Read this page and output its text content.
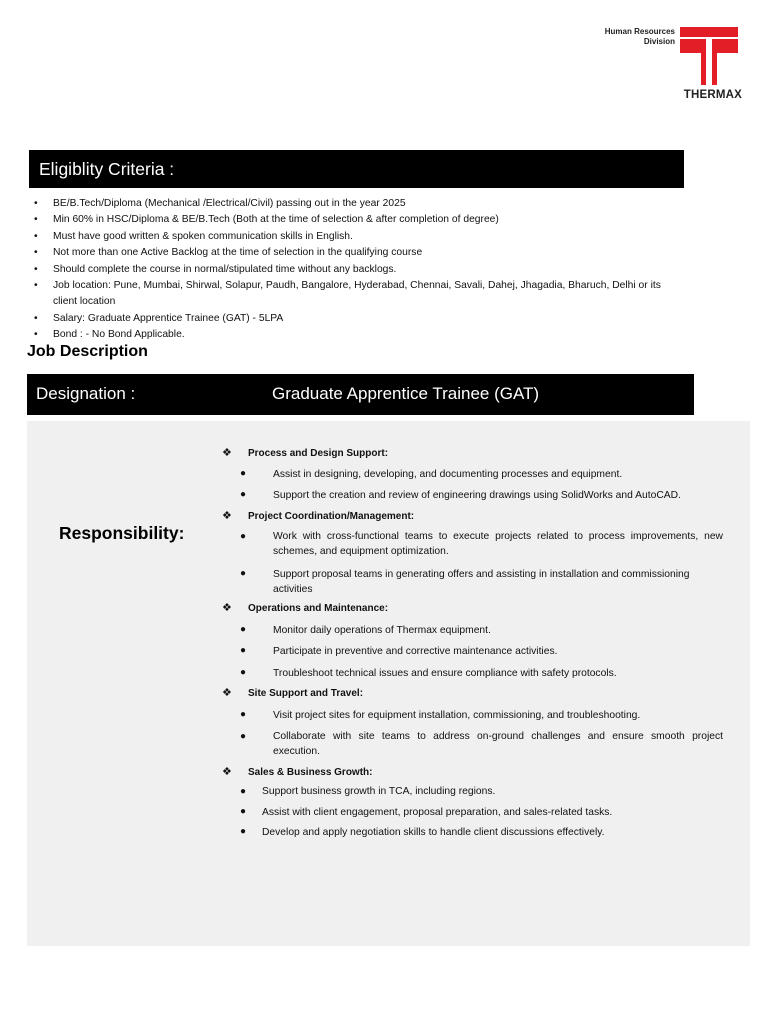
Human Resources
Division
THERMAX
Eligiblity Criteria :
• BE/B.Tech/Diploma (Mechanical /Electrical/Civil) passing out in the year 2025
• Min 60% in HSC/Diploma & BE/B.Tech (Both at the time of selection & after completion of degree)
• Must have good written & spoken communication skills in English.
• Not more than one Active Backlog at the time of selection in the qualifying course
• Should complete the course in normal/stipulated time without any backlogs.
• Job location: Pune, Mumbai, Shirwal, Solapur, Paudh, Bangalore, Hyderabad, Chennai, Savali, Dahej, Jhagadia, Bharuch, Delhi or its client location
• Salary: Graduate Apprentice Trainee (GAT) - 5LPA
• Bond : - No Bond Applicable.
Job Description
Designation :	Graduate Apprentice Trainee (GAT)
Responsibility:
❖ Process and Design Support:
●	Assist in designing, developing, and documenting processes and equipment.
●	Support the creation and review of engineering drawings using SolidWorks and AutoCAD.
❖ Project Coordination/Management:
●	Work with cross-functional teams to execute projects related to process improvements, new schemes, and equipment optimization.
●	Support proposal teams in generating offers and assisting in installation and commissioning activities
❖ Operations and Maintenance:
●	Monitor daily operations of Thermax equipment.
●	Participate in preventive and corrective maintenance activities.
●	Troubleshoot technical issues and ensure compliance with safety protocols.
❖ Site Support and Travel:
●	Visit project sites for equipment installation, commissioning, and troubleshooting.
●	Collaborate with site teams to address on-ground challenges and ensure smooth project execution.
❖ Sales & Business Growth:
● Support business growth in TCA, including regions.
● Assist with client engagement, proposal preparation, and sales-related tasks.
● Develop and apply negotiation skills to handle client discussions effectively.
